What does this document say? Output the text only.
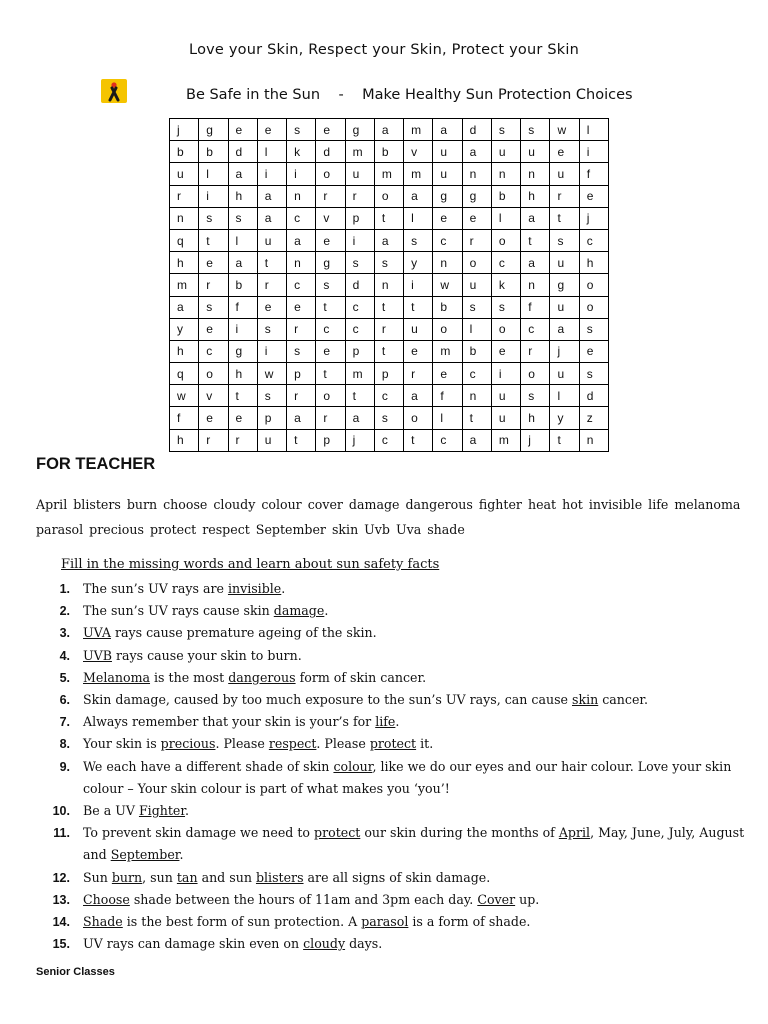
Love your Skin, Respect your Skin, Protect your Skin
Be Safe in the Sun - Make Healthy Sun Protection Choices
j	g	e	e	s	e	g	a	m	a	d	s	s	w	l
b	b	d	l	k	d	m	b	v	u	a	u	u	e	i
u	l	a	i	i	o	u	m	m	u	n	n	n	u	f
r	i	h	a	n	r	r	o	a	g	g	b	h	r	e
n	s	s	a	c	v	p	t	l	e	e	l	a	t	j
q	t	l	u	a	e	i	a	s	c	r	o	t	s	c
h	e	a	t	n	g	s	s	y	n	o	c	a	u	h
m	r	b	r	c	s	d	n	i	w	u	k	n	g	o
a	s	f	e	e	t	c	t	t	b	s	s	f	u	o
y	e	i	s	r	c	c	r	u	o	l	o	c	a	s
h	c	g	i	s	e	p	t	e	m	b	e	r	j	e
q	o	h	w	p	t	m	p	r	e	c	i	o	u	s
w	v	t	s	r	o	t	c	a	f	n	u	s	l	d
f	e	e	p	a	r	a	s	o	l	t	u	h	y	z
h	r	r	u	t	p	j	c	t	c	a	m	j	t	n
FOR TEACHER
April blisters burn choose cloudy colour cover damage dangerous fighter heat hot invisible life melanoma parasol precious protect respect September skin Uvb Uva shade
Fill in the missing words and learn about sun safety facts
1 . The sun’s UV rays are invisible.
2 . The sun’s UV rays cause skin damage.
3 . UVA rays cause premature ageing of the skin.
4 . UVB rays cause your skin to burn.
5 . Melanoma is the most dangerous form of skin cancer.
6 . Skin damage, caused by too much exposure to the sun’s UV rays, can cause skin cancer.
7 . Always remember that your skin is your’s for life.
8 . Your skin is precious. Please respect. Please protect it.
9 . We each have a different shade of skin colour, like we do our eyes and our hair colour. Love your skin colour – Your skin colour is part of what makes you ‘you’!
10 . Be a UV Fighter.
11 . To prevent skin damage we need to protect our skin during the months of April, May, June, July, August and September.
12 . Sun burn, sun tan and sun blisters are all signs of skin damage.
13 . Choose shade between the hours of 11am and 3pm each day. Cover up.
14 . Shade is the best form of sun protection. A parasol is a form of shade.
15 . UV rays can damage skin even on cloudy days.
Senior Classes
